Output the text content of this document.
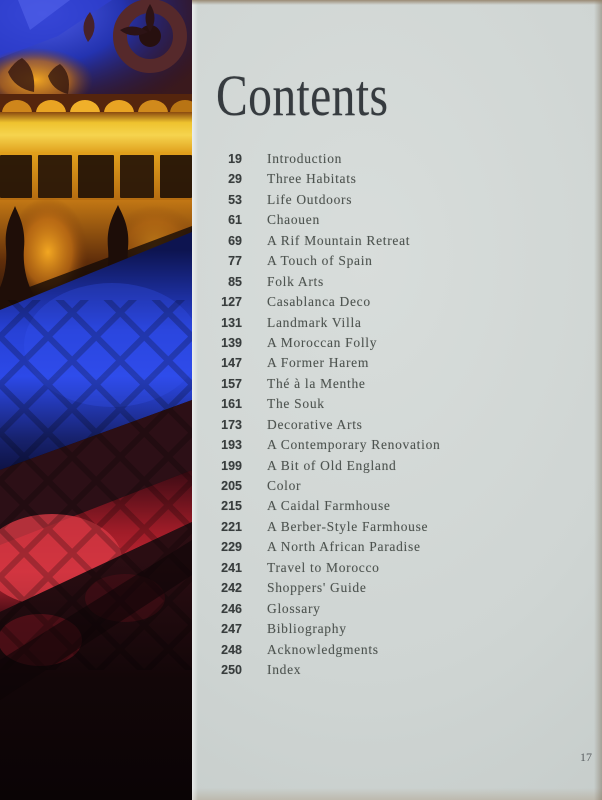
Contents
19 Introduction
29 Three Habitats
53 Life Outdoors
61 Chaouen
69 A Rif Mountain Retreat
77 A Touch of Spain
85 Folk Arts
127 Casablanca Deco
131 Landmark Villa
139 A Moroccan Folly
147 A Former Harem
157 Thé à la Menthe
161 The Souk
173 Decorative Arts
193 A Contemporary Renovation
199 A Bit of Old England
205 Color
215 A Caidal Farmhouse
221 A Berber-Style Farmhouse
229 A North African Paradise
241 Travel to Morocco
242 Shoppers' Guide
246 Glossary
247 Bibliography
248 Acknowledgments
250 Index
17
